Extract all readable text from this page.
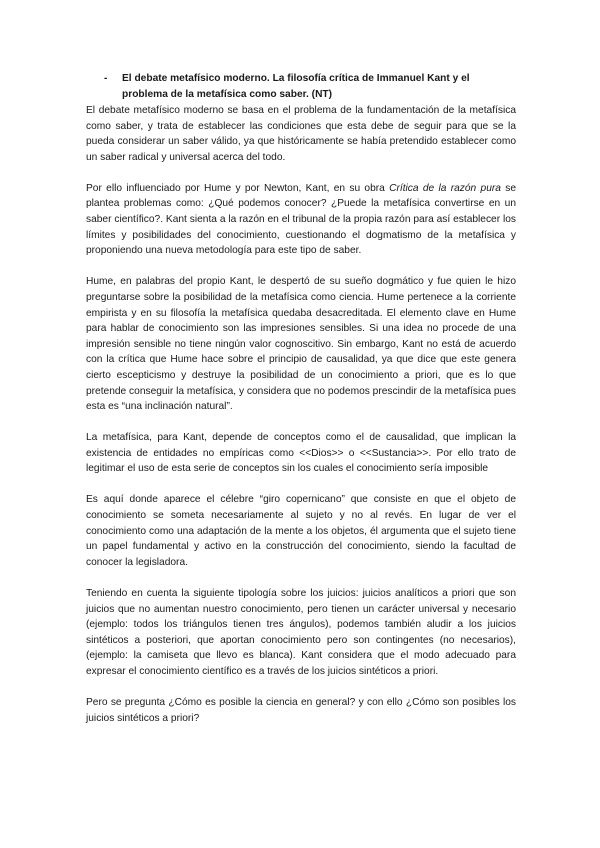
-	El debate metafísico moderno. La filosofía crítica de Immanuel Kant y el problema de la metafísica como saber. (NT)

El debate metafísico moderno se basa en el problema de la fundamentación de la metafísica como saber, y trata de establecer las condiciones que esta debe de seguir para que se la pueda considerar un saber válido, ya que históricamente se había pretendido establecer como un saber radical y universal acerca del todo.

Por ello influenciado por Hume y por Newton, Kant, en su obra Crítica de la razón pura se plantea problemas como: ¿Qué podemos conocer? ¿Puede la metafísica convertirse en un saber científico?. Kant sienta a la razón en el tribunal de la propia razón para así establecer los límites y posibilidades del conocimiento, cuestionando el dogmatismo de la metafísica y proponiendo una nueva metodología para este tipo de saber.

Hume, en palabras del propio Kant, le despertó de su sueño dogmático y fue quien le hizo preguntarse sobre la posibilidad de la metafísica como ciencia. Hume pertenece a la corriente empirista y en su filosofía la metafísica quedaba desacreditada. El elemento clave en Hume para hablar de conocimiento son las impresiones sensibles. Si una idea no procede de una impresión sensible no tiene ningún valor cognoscitivo. Sin embargo, Kant no está de acuerdo con la crítica que Hume hace sobre el principio de causalidad, ya que dice que este genera cierto escepticismo y destruye la posibilidad de un conocimiento a priori, que es lo que pretende conseguir la metafísica, y considera que no podemos prescindir de la metafísica pues esta es “una inclinación natural”.

La metafísica, para Kant, depende de conceptos como el de causalidad, que implican la existencia de entidades no empíricas como <<Dios>> o <<Sustancia>>. Por ello trato de legitimar el uso de esta serie de conceptos sin los cuales el conocimiento sería imposible

Es aquí donde aparece el célebre “giro copernicano” que consiste en que el objeto de conocimiento se someta necesariamente al sujeto y no al revés. En lugar de ver el conocimiento como una adaptación de la mente a los objetos, él argumenta que el sujeto tiene un papel fundamental y activo en la construcción del conocimiento, siendo la facultad de conocer la legisladora.

Teniendo en cuenta la siguiente tipología sobre los juicios: juicios analíticos a priori que son juicios que no aumentan nuestro conocimiento, pero tienen un carácter universal y necesario (ejemplo: todos los triángulos tienen tres ángulos), podemos también aludir a los juicios sintéticos a posteriori, que aportan conocimiento pero son contingentes (no necesarios), (ejemplo: la camiseta que llevo es blanca). Kant considera que el modo adecuado para expresar el conocimiento científico es a través de los juicios sintéticos a priori.

Pero se pregunta ¿Cómo es posible la ciencia en general? y con ello ¿Cómo son posibles los juicios sintéticos a priori?
